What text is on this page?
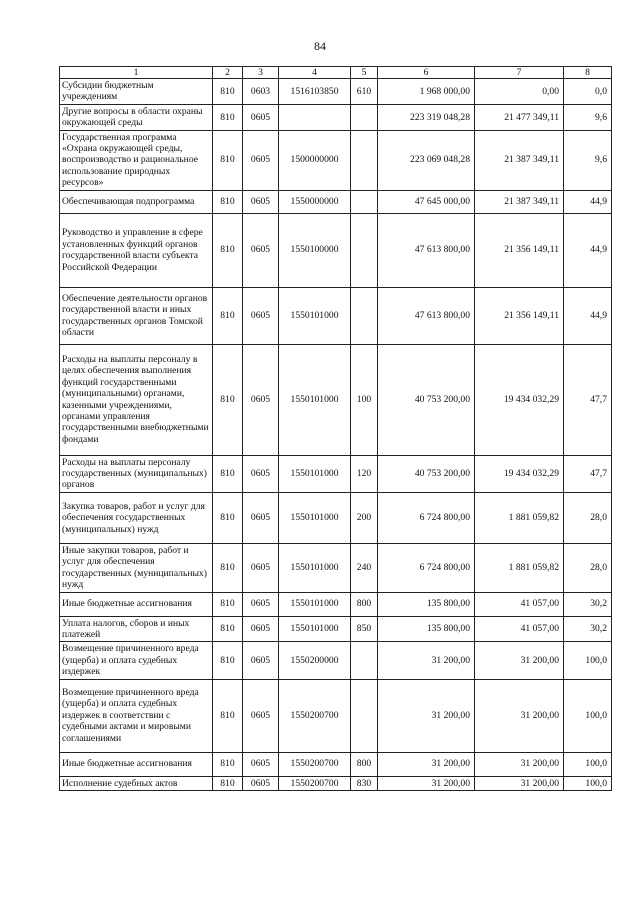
84
1	2	3	4	5	6	7	8
Субсидии бюджетным учреждениям	810	0603	1516103850	610	1 968 000,00	0,00	0,0
Другие вопросы в области охраны окружающей среды	810	0605			223 319 048,28	21 477 349,11	9,6
Государственная программа «Охрана окружающей среды, воспроизводство и рациональное использование природных ресурсов»	810	0605	1500000000		223 069 048,28	21 387 349,11	9,6
Обеспечивающая подпрограмма	810	0605	1550000000		47 645 000,00	21 387 349,11	44,9
Руководство и управление в сфере установленных функций органов государственной власти субъекта Российской Федерации	810	0605	1550100000		47 613 800,00	21 356 149,11	44,9
Обеспечение деятельности органов государственной власти и иных государственных органов Томской области	810	0605	1550101000		47 613 800,00	21 356 149,11	44,9
Расходы на выплаты персоналу в целях обеспечения выполнения функций государственными (муниципальными) органами, казенными учреждениями, органами управления государственными внебюджетными фондами	810	0605	1550101000	100	40 753 200,00	19 434 032,29	47,7
Расходы на выплаты персоналу государственных (муниципальных) органов	810	0605	1550101000	120	40 753 200,00	19 434 032,29	47,7
Закупка товаров, работ и услуг для обеспечения государственных (муниципальных) нужд	810	0605	1550101000	200	6 724 800,00	1 881 059,82	28,0
Иные закупки товаров, работ и услуг для обеспечения государственных (муниципальных) нужд	810	0605	1550101000	240	6 724 800,00	1 881 059,82	28,0
Иные бюджетные ассигнования	810	0605	1550101000	800	135 800,00	41 057,00	30,2
Уплата налогов, сборов и иных платежей	810	0605	1550101000	850	135 800,00	41 057,00	30,2
Возмещение причиненного вреда (ущерба) и оплата судебных издержек	810	0605	1550200000		31 200,00	31 200,00	100,0
Возмещение причиненного вреда (ущерба) и оплата судебных издержек в соответствии с судебными актами и мировыми соглашениями	810	0605	1550200700		31 200,00	31 200,00	100,0
Иные бюджетные ассигнования	810	0605	1550200700	800	31 200,00	31 200,00	100,0
Исполнение судебных актов	810	0605	1550200700	830	31 200,00	31 200,00	100,0
